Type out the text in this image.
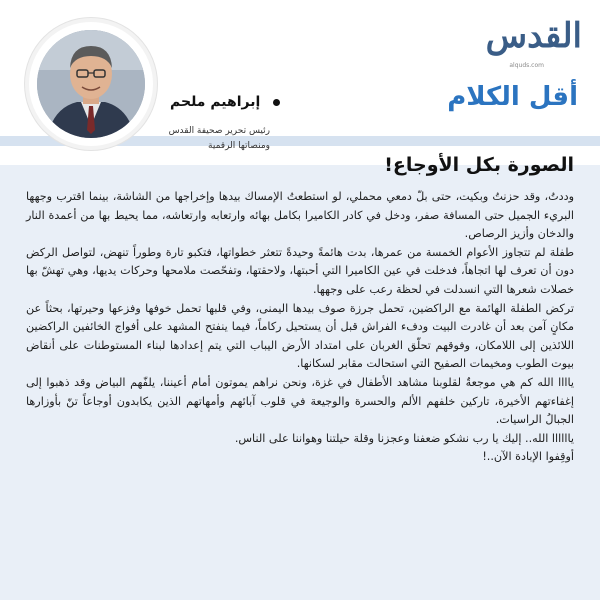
القدس
alquds.com
أقل الكلام
إبراهيم ملحم
رئيس تحرير صحيفة القدس ومنصاتها الرقمية
الصورة بكل الأوجاع!

وددتُ، وقد حزنتُ وبكيت، حتى بلّ دمعي محملي، لو استطعتُ الإمساك بيدها وإخراجها من الشاشة، بينما اقترب وجهها البريء الجميل حتى المسافة صفر، ودخل في كادر الكاميرا بكامل بهائه وارتعابه وارتعاشه، مما يحيط بها من أعمدة النار والدخان وأزيز الرصاص.

طفلة لم تتجاوز الأعوام الخمسة من عمرها، بدت هائمةً وحيدةً تتعثر خطواتها، فتكبو تارة وطوراً تنهض، لتواصل الركض دون أن تعرف لها اتجاهاً، فدخلت في عين الكاميرا التي أحبتها، ولاحقتها، وتفحّصت ملامحها وحركات يديها، وهي تهشّ بها خصلات شعرها التي انسدلت في لحظة رعب على وجهها.

تركض الطفلة الهائمة مع الراكضين، تحمل جرزة صوف بيدها اليمنى، وفي قلبها تحمل خوفها وفزعها وحيرتها، بحثاً عن مكانٍ آمن بعد أن غادرت البيت ودفء الفراش قبل أن يستحيل ركاماً، فيما ينفتح المشهد على أفواج الخائفين الراكضين اللائذين إلى اللامكان، وفوقهم تحلّق الغربان على امتداد الأرض اليباب التي يتم إعدادها لبناء المستوطنات على أنقاض بيوت الطوب ومخيمات الصفيح التي استحالت مقابر لسكانها.

ياااا الله كم هي موجعةٌ لقلوبنا مشاهد الأطفال في غزة، ونحن نراهم يموتون أمام أعيننا، يلفّهم البياض وقد ذهبوا إلى إغفاءتهم الأخيرة، تاركين خلفهم الألم والحسرة والوجيعة في قلوب آبائهم وأمهاتهم الذين يكابدون أوجاعاً تنّ بأوزارها الجبالُ الراسيات.

ياااااا الله.. إليك يا رب نشكو ضعفنا وعجزنا وقلة حيلتنا وهواننا على الناس.

أوقِفوا الإبادة الآن..!
